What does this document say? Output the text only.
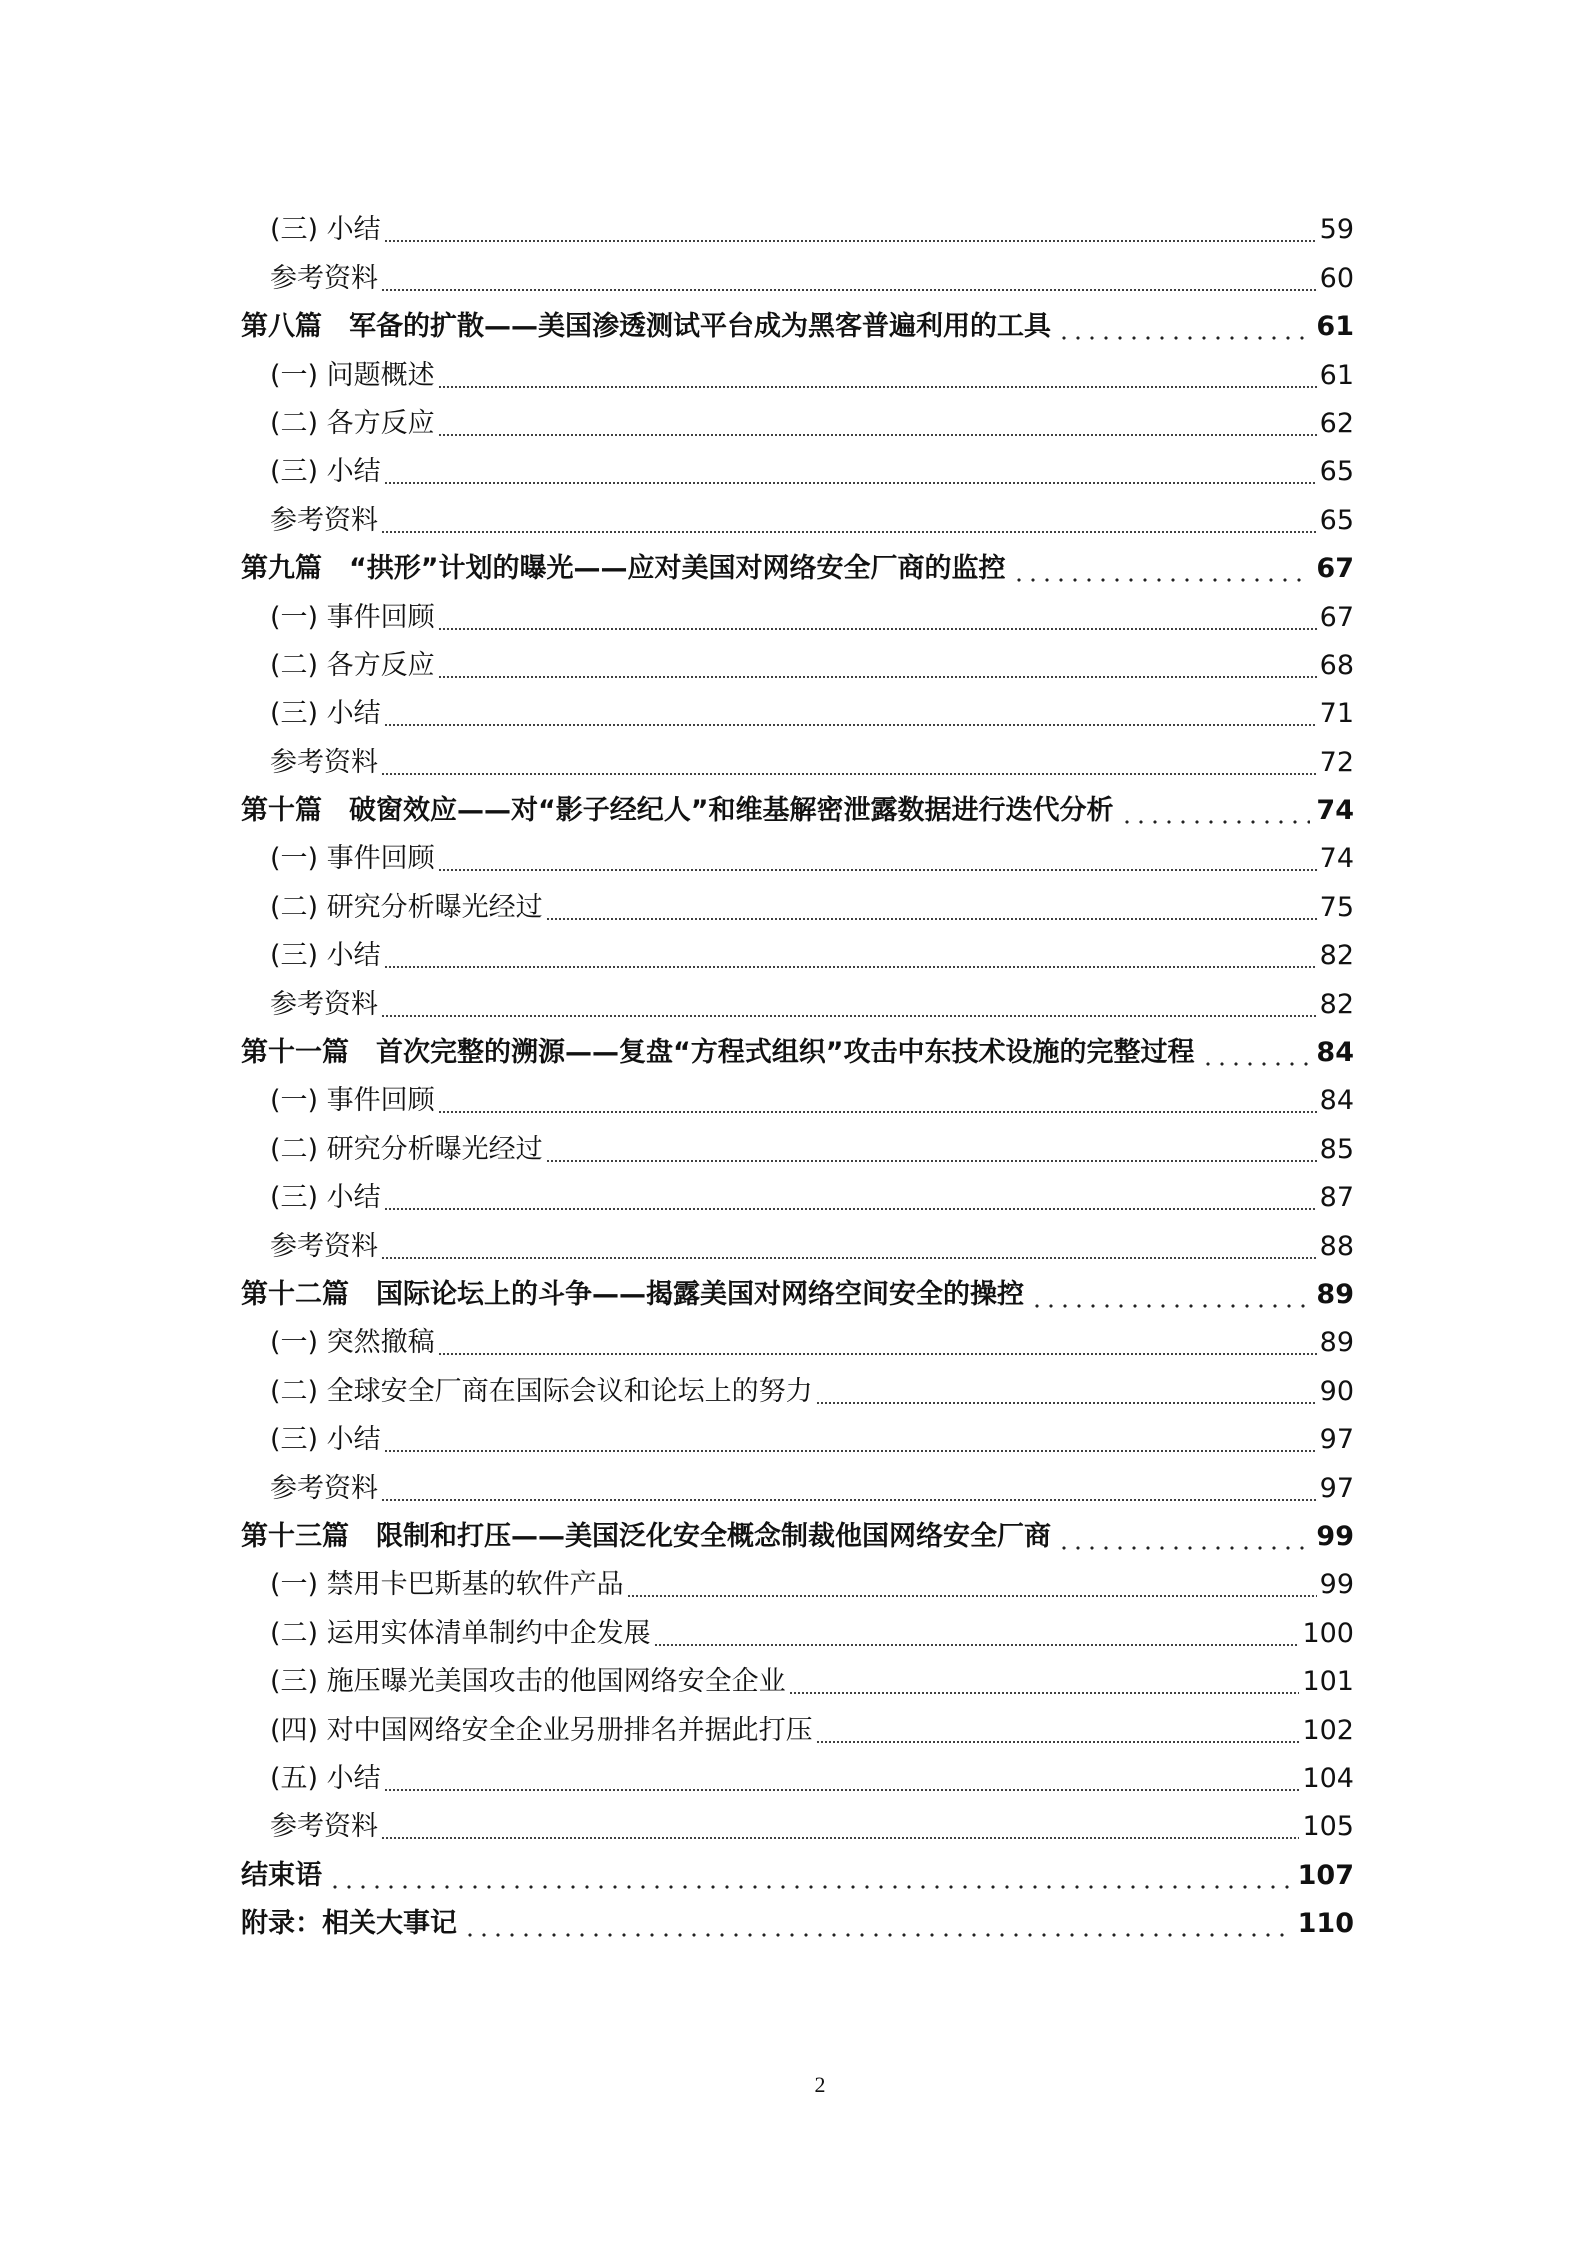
(三) 小结	59
参考资料	60
第八篇　军备的扩散——美国渗透测试平台成为黑客普遍利用的工具	61
(一) 问题概述	61
(二) 各方反应	62
(三) 小结	65
参考资料	65
第九篇　“拱形”计划的曝光——应对美国对网络安全厂商的监控	67
(一) 事件回顾	67
(二) 各方反应	68
(三) 小结	71
参考资料	72
第十篇　破窗效应——对“影子经纪人”和维基解密泄露数据进行迭代分析	74
(一) 事件回顾	74
(二) 研究分析曝光经过	75
(三) 小结	82
参考资料	82
第十一篇　首次完整的溯源——复盘“方程式组织”攻击中东技术设施的完整过程	84
(一) 事件回顾	84
(二) 研究分析曝光经过	85
(三) 小结	87
参考资料	88
第十二篇　国际论坛上的斗争——揭露美国对网络空间安全的操控	89
(一) 突然撤稿	89
(二) 全球安全厂商在国际会议和论坛上的努力	90
(三) 小结	97
参考资料	97
第十三篇　限制和打压——美国泛化安全概念制裁他国网络安全厂商	99
(一) 禁用卡巴斯基的软件产品	99
(二) 运用实体清单制约中企发展	100
(三) 施压曝光美国攻击的他国网络安全企业	101
(四) 对中国网络安全企业另册排名并据此打压	102
(五) 小结	104
参考资料	105
结束语	107
附录：相关大事记	110
2
